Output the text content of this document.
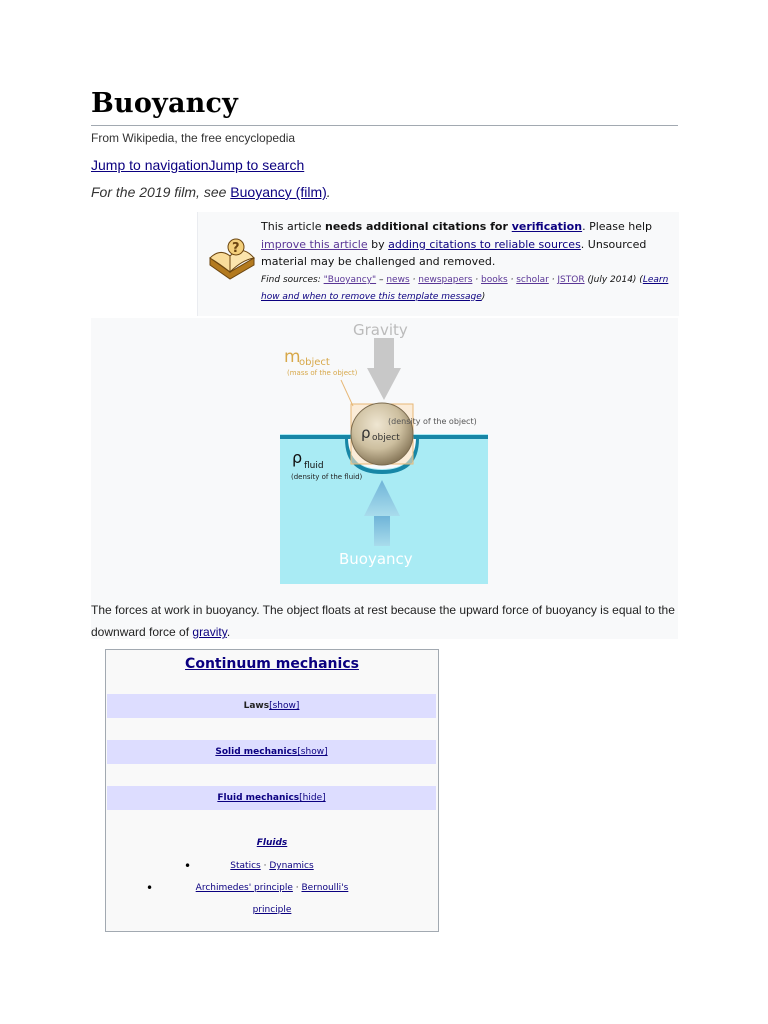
Buoyancy
From Wikipedia, the free encyclopedia
Jump to navigationJump to search
For the 2019 film, see Buoyancy (film).
?
This article needs additional citations for verification. Please help improve this article by adding citations to reliable sources. Unsourced material may be challenged and removed.
Find sources: "Buoyancy" – news · newspapers · books · scholar · JSTOR (July 2014) (Learn how and when to remove this template message)
Gravity
m
object
(mass of the object)
(density of the object)
ρ object
ρ fluid
(density of the fluid)
Buoyancy
The forces at work in buoyancy. The object floats at rest because the upward force of buoyancy is equal to the downward force of gravity.
Continuum mechanics
Laws[show]
Solid mechanics[show]
Fluid mechanics[hide]
Fluids
•	Statics · Dynamics
•	Archimedes' principle · Bernoulli's
principle
